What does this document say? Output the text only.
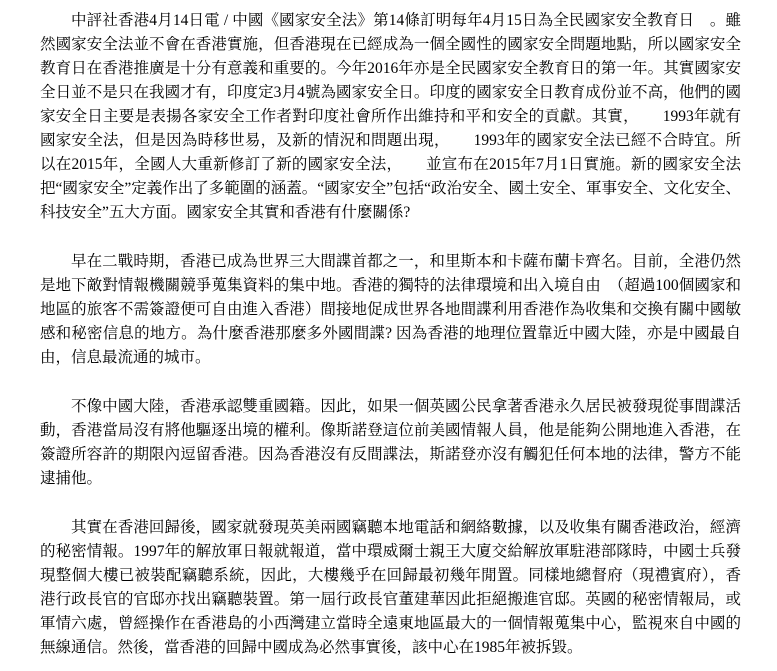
中評社香港4月14日電 / 中國《國家安全法》第14條訂明每年4月15日為全民國家安全教育日　。雖然國家安全法並不會在香港實施，但香港現在已經成為一個全國性的國家安全問題地點，所以國家安全教育日在香港推廣是十分有意義和重要的。今年2016年亦是全民國家安全教育日的第一年。其實國家安全日並不是只在我國才有，印度定3月4號為國家安全日。印度的國家安全日教育成份並不高，他們的國家安全日主要是表揚各家安全工作者對印度社會所作出維持和平和安全的貢獻。其實，　　1993年就有國家安全法，但是因為時移世易，及新的情況和問題出現，　　1993年的國家安全法已經不合時宜。所以在2015年，全國人大重新修訂了新的國家安全法，　　並宣布在2015年7月1日實施。新的國家安全法把“國家安全”定義作出了多範圍的涵蓋。“國家安全”包括“政治安全、國土安全、軍事安全、文化安全、科技安全”五大方面。國家安全其實和香港有什麼關係?

早在二戰時期，香港已成為世界三大間諜首都之一，和里斯本和卡薩布蘭卡齊名。目前，全港仍然是地下敵對情報機關競爭蒐集資料的集中地。香港的獨特的法律環境和出入境自由　（超過100個國家和地區的旅客不需簽證便可自由進入香港）間接地促成世界各地間諜利用香港作為收集和交換有關中國敏感和秘密信息的地方。為什麼香港那麼多外國間諜? 因為香港的地理位置靠近中國大陸，亦是中國最自由，信息最流通的城市。

不像中國大陸，香港承認雙重國籍。因此，如果一個英國公民拿著香港永久居民被發現從事間諜活動，香港當局沒有將他驅逐出境的權利。像斯諾登這位前美國情報人員，他是能夠公開地進入香港，在簽證所容許的期限內逗留香港。因為香港沒有反間諜法，斯諾登亦沒有觸犯任何本地的法律，警方不能逮捕他。

其實在香港回歸後，國家就發現英美兩國竊聽本地電話和網絡數據，以及收集有關香港政治，經濟的秘密情報。1997年的解放軍日報就報道，當中環威爾士親王大廈交給解放軍駐港部隊時，中國士兵發現整個大樓已被裝配竊聽系統，因此，大樓幾乎在回歸最初幾年閒置。同樣地總督府（現禮賓府），香港行政長官的官邸亦找出竊聽裝置。第一屆行政長官董建華因此拒絕搬進官邸。英國的秘密情報局，或軍情六處，曾經操作在香港島的小西灣建立當時全遠東地區最大的一個情報蒐集中心，監視來自中國的無線通信。然後，當香港的回歸中國成為必然事實後，該中心在1985年被拆毀。
